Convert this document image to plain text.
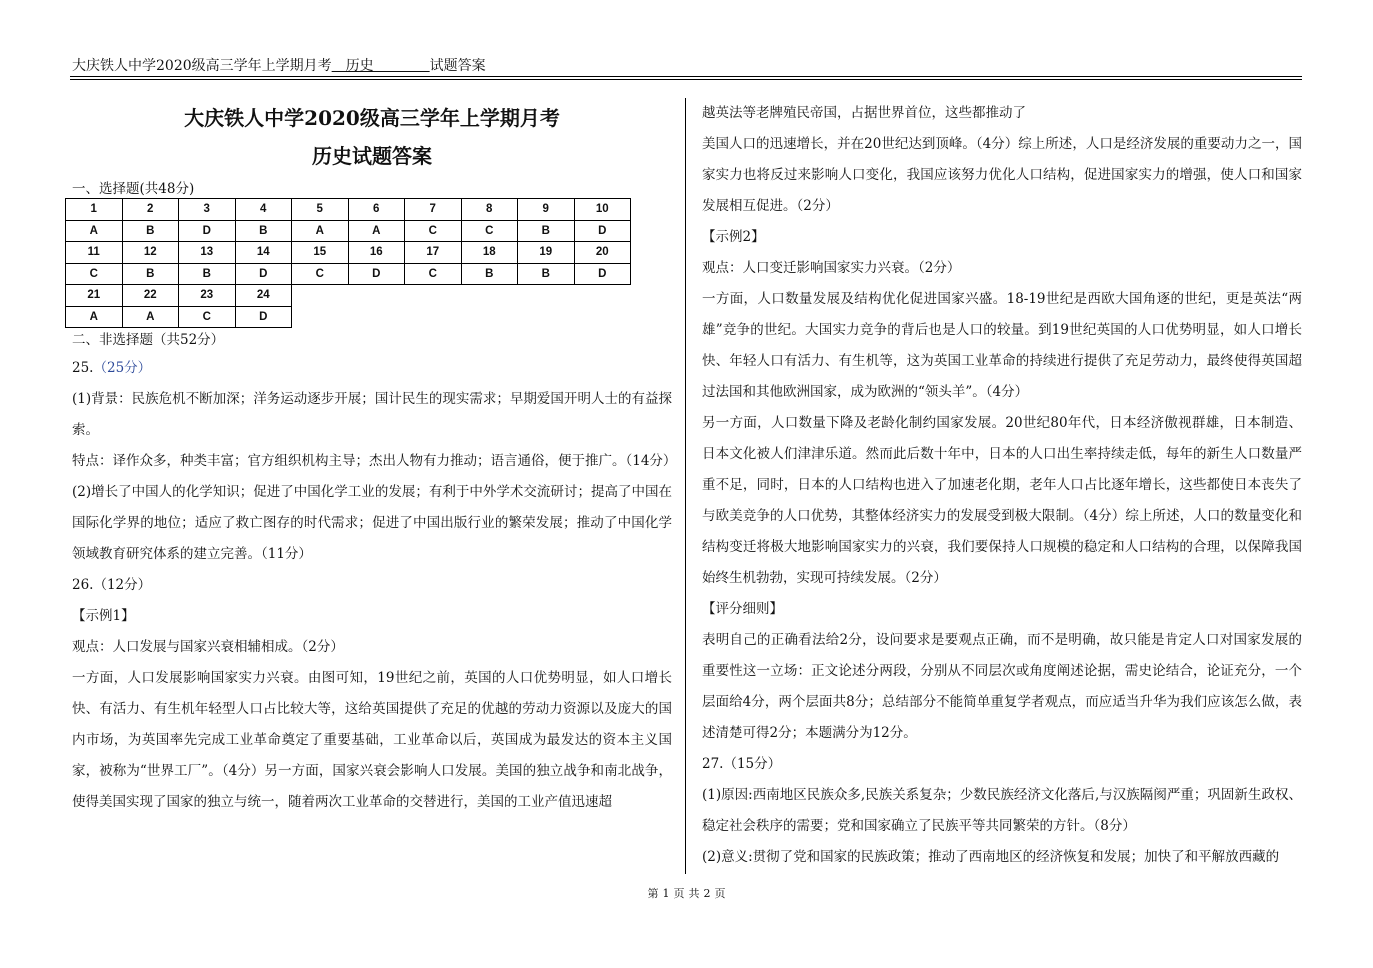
大庆铁人中学2020级高三学年上学期月考　历史　　　　试题答案
大庆铁人中学2020级高三学年上学期月考
历史试题答案
一、选择题(共48分)
1	2	3	4	5	6	7	8	9	10
A	B	D	B	A	A	C	C	B	D
11	12	13	14	15	16	17	18	19	20
C	B	B	D	C	D	C	B	B	D
21	22	23	24						
A	A	C	D						
二、非选择题（共52分）

25.（25分）

(1)背景：民族危机不断加深；洋务运动逐步开展；国计民生的现实需求；早期爱国开明人士的有益探索。

特点：译作众多，种类丰富；官方组织机构主导；杰出人物有力推动；语言通俗，便于推广。（14分）

(2)增长了中国人的化学知识；促进了中国化学工业的发展；有利于中外学术交流研讨；提高了中国在国际化学界的地位；适应了救亡图存的时代需求；促进了中国出版行业的繁荣发展；推动了中国化学领域教育研究体系的建立完善。（11分）

26.（12分）

【示例1】

观点：人口发展与国家兴衰相辅相成。（2分）

一方面，人口发展影响国家实力兴衰。由图可知，19世纪之前，英国的人口优势明显，如人口增长快、有活力、有生机年轻型人口占比较大等，这给英国提供了充足的优越的劳动力资源以及庞大的国内市场，为英国率先完成工业革命奠定了重要基础，工业革命以后，英国成为最发达的资本主义国家，被称为“世界工厂”。（4分）另一方面，国家兴衰会影响人口发展。美国的独立战争和南北战争，使得美国实现了国家的独立与统一，随着两次工业革命的交替进行，美国的工业产值迅速超

越英法等老牌殖民帝国，占据世界首位，这些都推动了

美国人口的迅速增长，并在20世纪达到顶峰。（4分）综上所述，人口是经济发展的重要动力之一，国家实力也将反过来影响人口变化，我国应该努力优化人口结构，促进国家实力的增强，使人口和国家发展相互促进。（2分）

【示例2】

观点：人口变迁影响国家实力兴衰。（2分）

一方面，人口数量发展及结构优化促进国家兴盛。18-19世纪是西欧大国角逐的世纪，更是英法“两雄”竞争的世纪。大国实力竞争的背后也是人口的较量。到19世纪英国的人口优势明显，如人口增长快、年轻人口有活力、有生机等，这为英国工业革命的持续进行提供了充足劳动力，最终使得英国超过法国和其他欧洲国家，成为欧洲的“领头羊”。（4分）

另一方面，人口数量下降及老龄化制约国家发展。20世纪80年代，日本经济傲视群雄，日本制造、日本文化被人们津津乐道。然而此后数十年中，日本的人口出生率持续走低，每年的新生人口数量严重不足，同时，日本的人口结构也进入了加速老化期，老年人口占比逐年增长，这些都使日本丧失了与欧美竞争的人口优势，其整体经济实力的发展受到极大限制。（4分）综上所述，人口的数量变化和结构变迁将极大地影响国家实力的兴衰，我们要保持人口规模的稳定和人口结构的合理，以保障我国始终生机勃勃，实现可持续发展。（2分）

【评分细则】

表明自己的正确看法给2分，设问要求是要观点正确，而不是明确，故只能是肯定人口对国家发展的重要性这一立场：正文论述分两段，分别从不同层次或角度阐述论据，需史论结合，论证充分，一个层面给4分，两个层面共8分；总结部分不能简单重复学者观点，而应适当升华为我们应该怎么做，表述清楚可得2分；本题满分为12分。

27.（15分）

(1)原因:西南地区民族众多,民族关系复杂；少数民族经济文化落后,与汉族隔阂严重；巩固新生政权、稳定社会秩序的需要；党和国家确立了民族平等共同繁荣的方针。（8分）

(2)意义:贯彻了党和国家的民族政策；推动了西南地区的经济恢复和发展；加快了和平解放西藏的

第 1 页 共 2 页
